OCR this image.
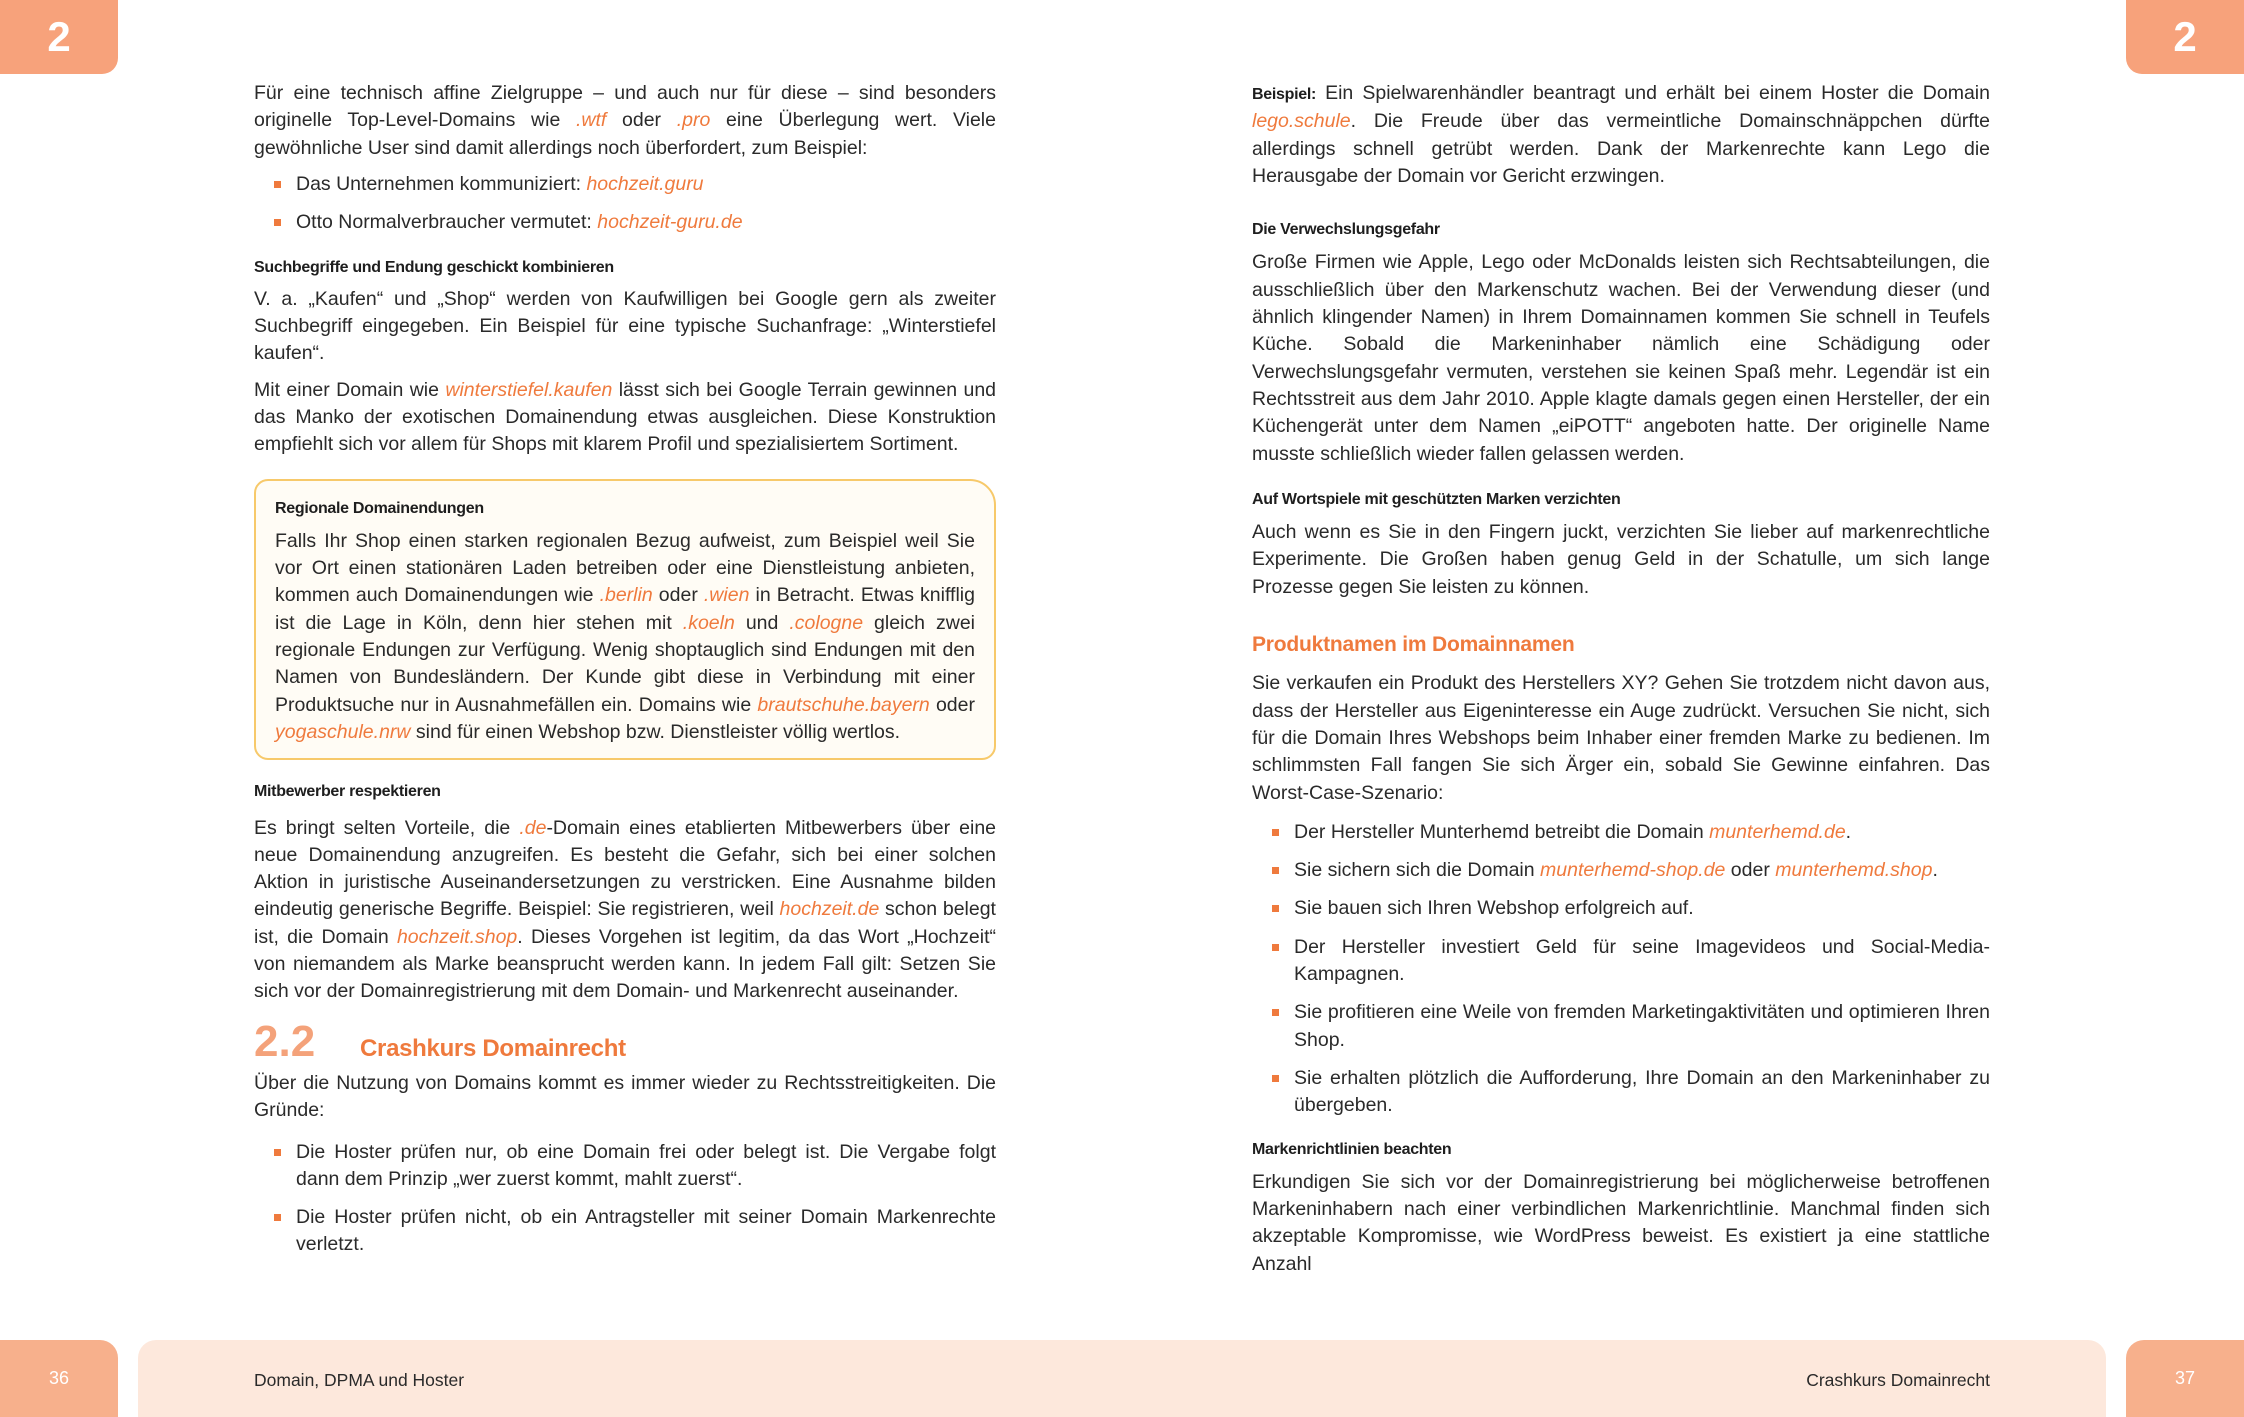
2	2

Für eine technisch affine Zielgruppe – und auch nur für diese – sind besonders originelle Top-Level-Domains wie .wtf oder .pro eine Überlegung wert. Viele gewöhnliche User sind damit allerdings noch überfordert, zum Beispiel:

Das Unternehmen kommuniziert: hochzeit.guru
Otto Normalverbraucher vermutet: hochzeit-guru.de
Suchbegriffe und Endung geschickt kombinieren

V. a. „Kaufen“ und „Shop“ werden von Kaufwilligen bei Google gern als zweiter Suchbegriff eingegeben. Ein Beispiel für eine typische Suchanfrage: „Winterstiefel kaufen“.

Mit einer Domain wie winterstiefel.kaufen lässt sich bei Google Terrain gewinnen und das Manko der exotischen Domainendung etwas ausgleichen. Diese Konstruktion empfiehlt sich vor allem für Shops mit klarem Profil und spezialisiertem Sortiment.

Regionale Domainendungen

Falls Ihr Shop einen starken regionalen Bezug aufweist, zum Beispiel weil Sie vor Ort einen stationären Laden betreiben oder eine Dienstleistung anbieten, kommen auch Domainendungen wie .berlin oder .wien in Betracht. Etwas knifflig ist die Lage in Köln, denn hier stehen mit .koeln und .cologne gleich zwei regionale Endungen zur Verfügung. Wenig shoptauglich sind Endungen mit den Namen von Bundesländern. Der Kunde gibt diese in Verbindung mit einer Produktsuche nur in Ausnahmefällen ein. Domains wie brautschuhe.bayern oder yogaschule.nrw sind für einen Webshop bzw. Dienstleister völlig wertlos.

Mitbewerber respektieren

Es bringt selten Vorteile, die .de-Domain eines etablierten Mitbewerbers über eine neue Domainendung anzugreifen. Es besteht die Gefahr, sich bei einer solchen Aktion in juristische Auseinandersetzungen zu verstricken. Eine Ausnahme bilden eindeutig generische Begriffe. Beispiel: Sie registrieren, weil hochzeit.de schon belegt ist, die Domain hochzeit.shop. Dieses Vorgehen ist legitim, da das Wort „Hochzeit“ von niemandem als Marke beansprucht werden kann. In jedem Fall gilt: Setzen Sie sich vor der Domainregistrierung mit dem Domain- und Markenrecht auseinander.

2.2	Crashkurs Domainrecht

Über die Nutzung von Domains kommt es immer wieder zu Rechtsstreitigkeiten. Die Gründe:

Die Hoster prüfen nur, ob eine Domain frei oder belegt ist. Die Vergabe folgt dann dem Prinzip „wer zuerst kommt, mahlt zuerst“.
Die Hoster prüfen nicht, ob ein Antragsteller mit seiner Domain Markenrechte verletzt.

Beispiel: Ein Spielwarenhändler beantragt und erhält bei einem Hoster die Domain lego.schule. Die Freude über das vermeintliche Domainschnäppchen dürfte allerdings schnell getrübt werden. Dank der Markenrechte kann Lego die Herausgabe der Domain vor Gericht erzwingen.

Die Verwechslungsgefahr

Große Firmen wie Apple, Lego oder McDonalds leisten sich Rechtsabteilungen, die ausschließlich über den Markenschutz wachen. Bei der Verwendung dieser (und ähnlich klingender Namen) in Ihrem Domainnamen kommen Sie schnell in Teufels Küche. Sobald die Markeninhaber nämlich eine Schädigung oder Verwechslungsgefahr vermuten, verstehen sie keinen Spaß mehr. Legendär ist ein Rechtsstreit aus dem Jahr 2010. Apple klagte damals gegen einen Hersteller, der ein Küchengerät unter dem Namen „eiPOTT“ angeboten hatte. Der originelle Name musste schließlich wieder fallen gelassen werden.

Auf Wortspiele mit geschützten Marken verzichten

Auch wenn es Sie in den Fingern juckt, verzichten Sie lieber auf markenrechtliche Experimente. Die Großen haben genug Geld in der Schatulle, um sich lange Prozesse gegen Sie leisten zu können.

Produktnamen im Domainnamen

Sie verkaufen ein Produkt des Herstellers XY? Gehen Sie trotzdem nicht davon aus, dass der Hersteller aus Eigeninteresse ein Auge zudrückt. Versuchen Sie nicht, sich für die Domain Ihres Webshops beim Inhaber einer fremden Marke zu bedienen. Im schlimmsten Fall fangen Sie sich Ärger ein, sobald Sie Gewinne einfahren. Das Worst-Case-Szenario:

Der Hersteller Munterhemd betreibt die Domain munterhemd.de.
Sie sichern sich die Domain munterhemd-shop.de oder munterhemd.shop.
Sie bauen sich Ihren Webshop erfolgreich auf.
Der Hersteller investiert Geld für seine Imagevideos und Social-Media-Kampagnen.
Sie profitieren eine Weile von fremden Marketingaktivitäten und optimieren Ihren Shop.
Sie erhalten plötzlich die Aufforderung, Ihre Domain an den Markeninhaber zu übergeben.
Markenrichtlinien beachten

Erkundigen Sie sich vor der Domainregistrierung bei möglicherweise betroffenen Markeninhabern nach einer verbindlichen Markenrichtlinie. Manchmal finden sich akzeptable Kompromisse, wie WordPress beweist. Es existiert ja eine stattliche Anzahl

36	37
Domain, DPMA und Hoster	Crashkurs Domainrecht
